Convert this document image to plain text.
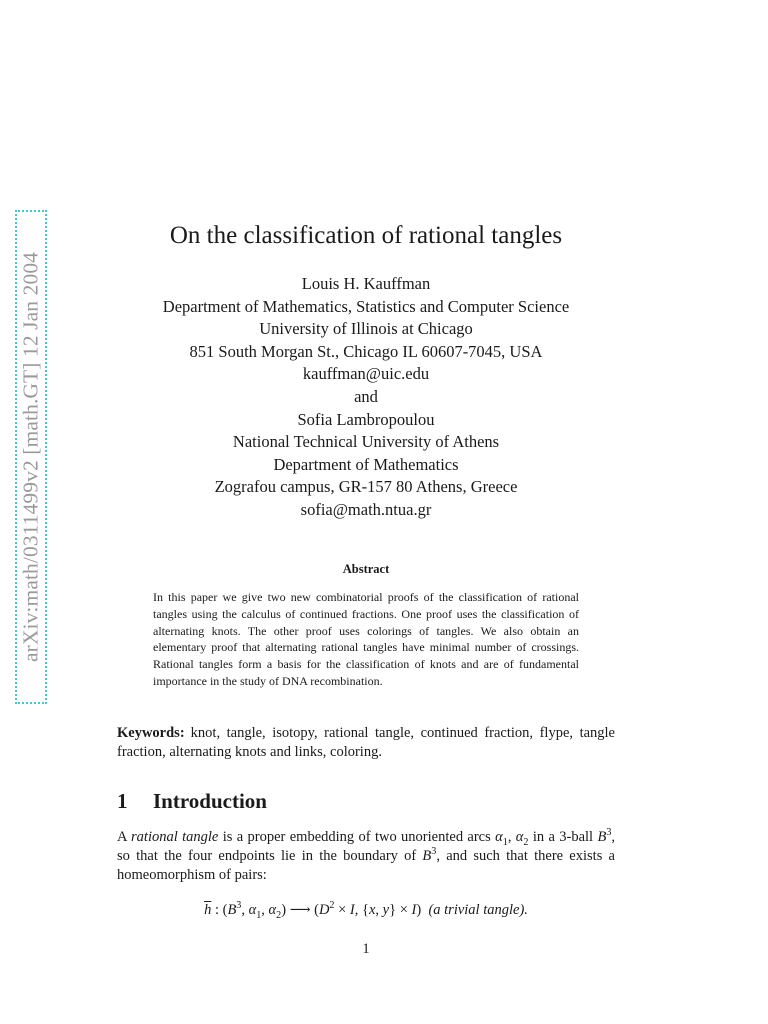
arXiv:math/0311499v2 [math.GT] 12 Jan 2004
On the classification of rational tangles
Louis H. Kauffman
Department of Mathematics, Statistics and Computer Science
University of Illinois at Chicago
851 South Morgan St., Chicago IL 60607-7045, USA
kauffman@uic.edu
and
Sofia Lambropoulou
National Technical University of Athens
Department of Mathematics
Zografou campus, GR-157 80 Athens, Greece
sofia@math.ntua.gr
Abstract

In this paper we give two new combinatorial proofs of the classification of rational tangles using the calculus of continued fractions. One proof uses the classification of alternating knots. The other proof uses colorings of tangles. We also obtain an elementary proof that alternating rational tangles have minimal number of crossings. Rational tangles form a basis for the classification of knots and are of fundamental importance in the study of DNA recombination.

Keywords: knot, tangle, isotopy, rational tangle, continued fraction, flype, tangle fraction, alternating knots and links, coloring.

1 Introduction

A rational tangle is a proper embedding of two unoriented arcs $\alpha_1$, $\alpha_2$ in a 3-ball $B^3$, so that the four endpoints lie in the boundary of $B^3$, and such that there exists a homeomorphism of pairs:

$\overline{h}$ : ($B^3$, $\alpha_1$, $\alpha_2$) ⟶ ($D^2 \times I$, {x, y} × I) (a trivial tangle).
1
